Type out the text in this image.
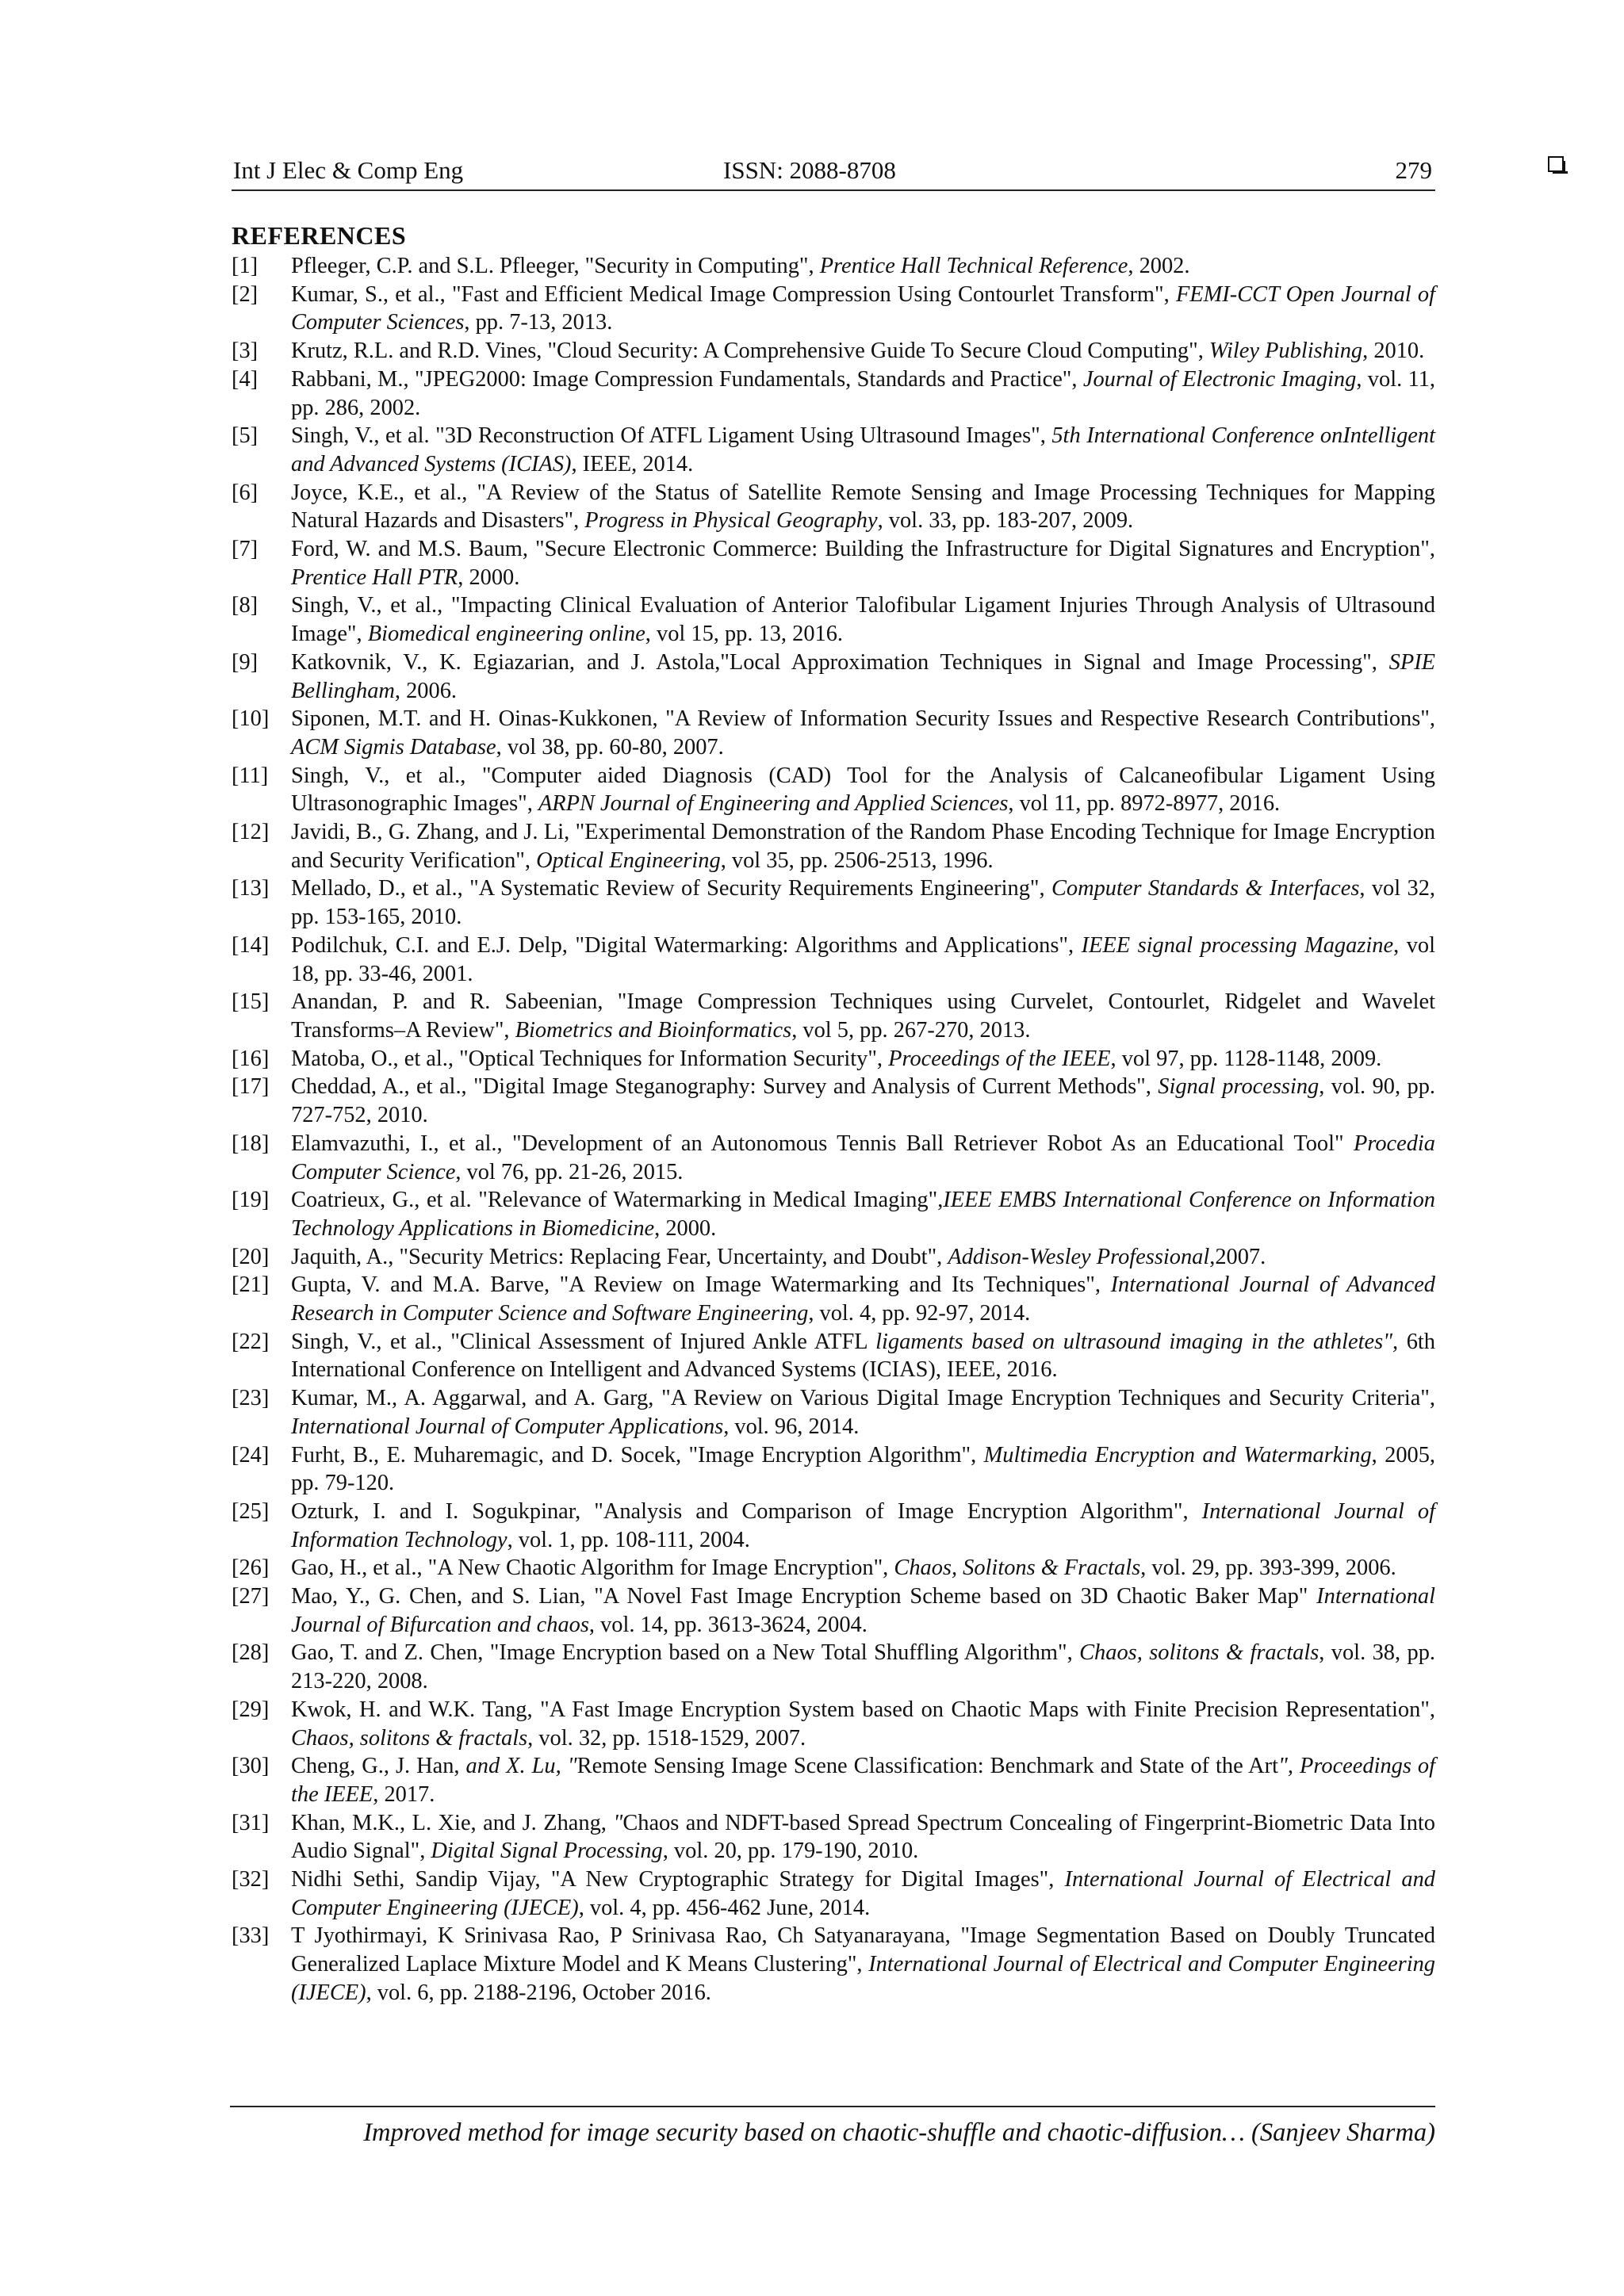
Int J Elec & Comp Eng	ISSN: 2088-8708	279
REFERENCES
[1] Pfleeger, C.P. and S.L. Pfleeger, "Security in Computing", Prentice Hall Technical Reference, 2002.
[2] Kumar, S., et al., "Fast and Efficient Medical Image Compression Using Contourlet Transform", FEMI-CCT Open Journal of Computer Sciences, pp. 7-13, 2013.
[3] Krutz, R.L. and R.D. Vines, "Cloud Security: A Comprehensive Guide To Secure Cloud Computing", Wiley Publishing, 2010.
[4] Rabbani, M., "JPEG2000: Image Compression Fundamentals, Standards and Practice", Journal of Electronic Imaging, vol. 11, pp. 286, 2002.
[5] Singh, V., et al. "3D Reconstruction Of ATFL Ligament Using Ultrasound Images", 5th International Conference onIntelligent and Advanced Systems (ICIAS), IEEE, 2014.
[6] Joyce, K.E., et al., "A Review of the Status of Satellite Remote Sensing and Image Processing Techniques for Mapping Natural Hazards and Disasters", Progress in Physical Geography, vol. 33, pp. 183-207, 2009.
[7] Ford, W. and M.S. Baum, "Secure Electronic Commerce: Building the Infrastructure for Digital Signatures and Encryption", Prentice Hall PTR, 2000.
[8] Singh, V., et al., "Impacting Clinical Evaluation of Anterior Talofibular Ligament Injuries Through Analysis of Ultrasound Image", Biomedical engineering online, vol 15, pp. 13, 2016.
[9] Katkovnik, V., K. Egiazarian, and J. Astola,"Local Approximation Techniques in Signal and Image Processing", SPIE Bellingham, 2006.
[10] Siponen, M.T. and H. Oinas-Kukkonen, "A Review of Information Security Issues and Respective Research Contributions", ACM Sigmis Database, vol 38, pp. 60-80, 2007.
[11] Singh, V., et al., "Computer aided Diagnosis (CAD) Tool for the Analysis of Calcaneofibular Ligament Using Ultrasonographic Images", ARPN Journal of Engineering and Applied Sciences, vol 11, pp. 8972-8977, 2016.
[12] Javidi, B., G. Zhang, and J. Li, "Experimental Demonstration of the Random Phase Encoding Technique for Image Encryption and Security Verification", Optical Engineering, vol 35, pp. 2506-2513, 1996.
[13] Mellado, D., et al., "A Systematic Review of Security Requirements Engineering", Computer Standards & Interfaces, vol 32, pp. 153-165, 2010.
[14] Podilchuk, C.I. and E.J. Delp, "Digital Watermarking: Algorithms and Applications", IEEE signal processing Magazine, vol 18, pp. 33-46, 2001.
[15] Anandan, P. and R. Sabeenian, "Image Compression Techniques using Curvelet, Contourlet, Ridgelet and Wavelet Transforms–A Review", Biometrics and Bioinformatics, vol 5, pp. 267-270, 2013.
[16] Matoba, O., et al., "Optical Techniques for Information Security", Proceedings of the IEEE, vol 97, pp. 1128-1148, 2009.
[17] Cheddad, A., et al., "Digital Image Steganography: Survey and Analysis of Current Methods", Signal processing, vol. 90, pp. 727-752, 2010.
[18] Elamvazuthi, I., et al., "Development of an Autonomous Tennis Ball Retriever Robot As an Educational Tool" Procedia Computer Science, vol 76, pp. 21-26, 2015.
[19] Coatrieux, G., et al. "Relevance of Watermarking in Medical Imaging",IEEE EMBS International Conference on Information Technology Applications in Biomedicine, 2000.
[20] Jaquith, A., "Security Metrics: Replacing Fear, Uncertainty, and Doubt", Addison-Wesley Professional,2007.
[21] Gupta, V. and M.A. Barve, "A Review on Image Watermarking and Its Techniques", International Journal of Advanced Research in Computer Science and Software Engineering, vol. 4, pp. 92-97, 2014.
[22] Singh, V., et al., "Clinical Assessment of Injured Ankle ATFL ligaments based on ultrasound imaging in the athletes", 6th International Conference on Intelligent and Advanced Systems (ICIAS), IEEE, 2016.
[23] Kumar, M., A. Aggarwal, and A. Garg, "A Review on Various Digital Image Encryption Techniques and Security Criteria", International Journal of Computer Applications, vol. 96, 2014.
[24] Furht, B., E. Muharemagic, and D. Socek, "Image Encryption Algorithm", Multimedia Encryption and Watermarking, 2005, pp. 79-120.
[25] Ozturk, I. and I. Sogukpinar, "Analysis and Comparison of Image Encryption Algorithm", International Journal of Information Technology, vol. 1, pp. 108-111, 2004.
[26] Gao, H., et al., "A New Chaotic Algorithm for Image Encryption", Chaos, Solitons & Fractals, vol. 29, pp. 393-399, 2006.
[27] Mao, Y., G. Chen, and S. Lian, "A Novel Fast Image Encryption Scheme based on 3D Chaotic Baker Map" International Journal of Bifurcation and chaos, vol. 14, pp. 3613-3624, 2004.
[28] Gao, T. and Z. Chen, "Image Encryption based on a New Total Shuffling Algorithm", Chaos, solitons & fractals, vol. 38, pp. 213-220, 2008.
[29] Kwok, H. and W.K. Tang, "A Fast Image Encryption System based on Chaotic Maps with Finite Precision Representation", Chaos, solitons & fractals, vol. 32, pp. 1518-1529, 2007.
[30] Cheng, G., J. Han, and X. Lu, "Remote Sensing Image Scene Classification: Benchmark and State of the Art", Proceedings of the IEEE, 2017.
[31] Khan, M.K., L. Xie, and J. Zhang, "Chaos and NDFT-based Spread Spectrum Concealing of Fingerprint-Biometric Data Into Audio Signal", Digital Signal Processing, vol. 20, pp. 179-190, 2010.
[32] Nidhi Sethi, Sandip Vijay, "A New Cryptographic Strategy for Digital Images", International Journal of Electrical and Computer Engineering (IJECE), vol. 4, pp. 456-462 June, 2014.
[33] T Jyothirmayi, K Srinivasa Rao, P Srinivasa Rao, Ch Satyanarayana, "Image Segmentation Based on Doubly Truncated Generalized Laplace Mixture Model and K Means Clustering", International Journal of Electrical and Computer Engineering (IJECE), vol. 6, pp. 2188-2196, October 2016.
Improved method for image security based on chaotic-shuffle and chaotic-diffusion… (Sanjeev Sharma)
